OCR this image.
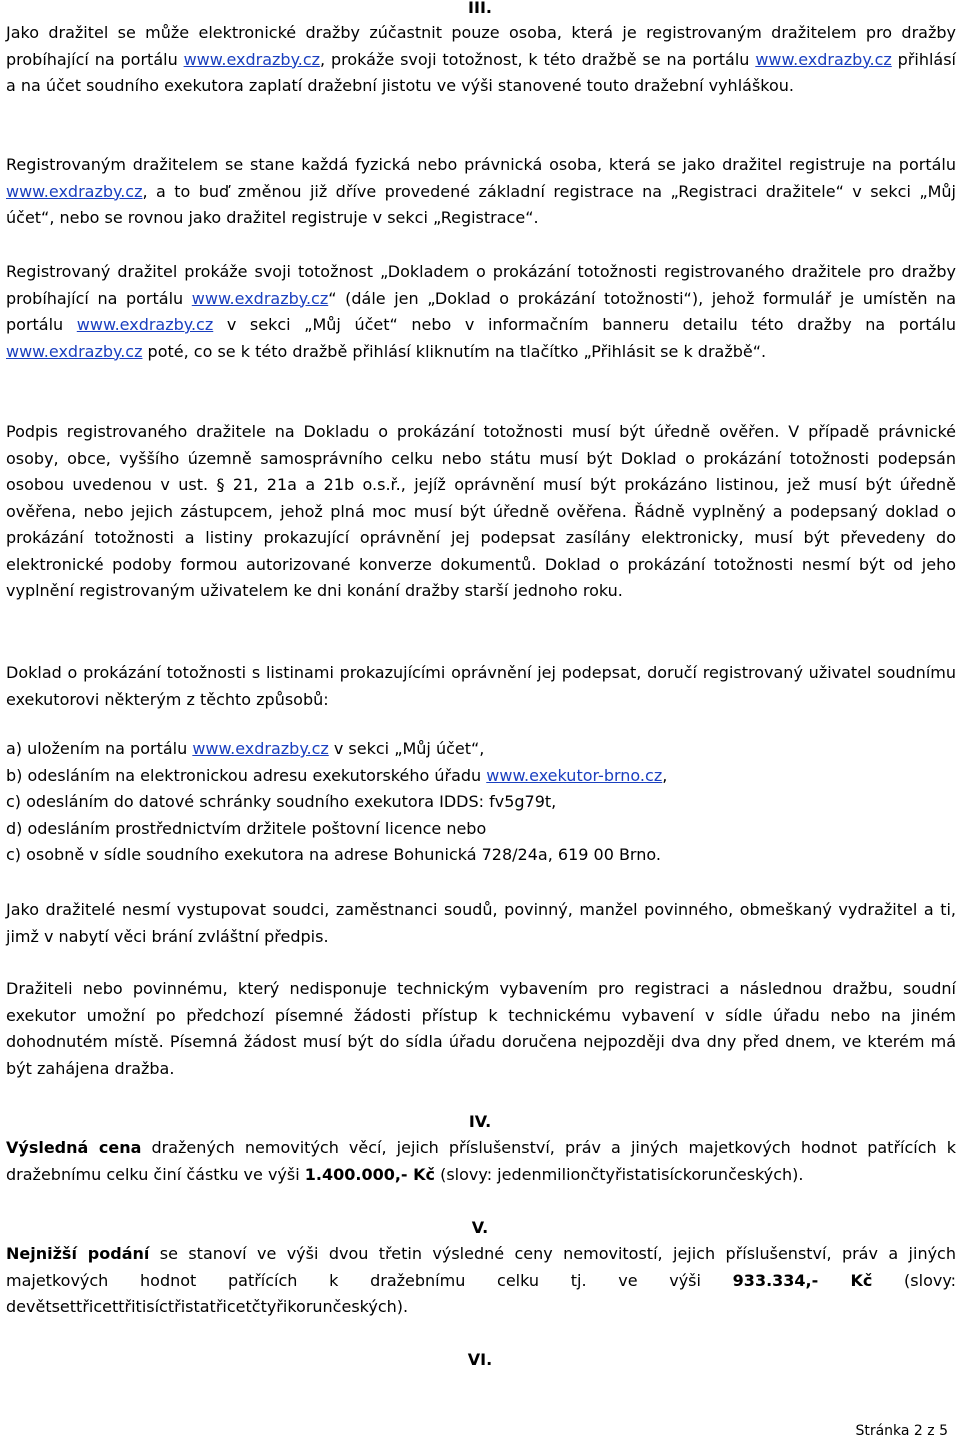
III.

Jako dražitel se může elektronické dražby zúčastnit pouze osoba, která je registrovaným dražitelem pro dražby probíhající na portálu www.exdrazby.cz, prokáže svoji totožnost, k této dražbě se na portálu www.exdrazby.cz přihlásí a na účet soudního exekutora zaplatí dražební jistotu ve výši stanovené touto dražební vyhláškou.

Registrovaným dražitelem se stane každá fyzická nebo právnická osoba, která se jako dražitel registruje na portálu www.exdrazby.cz, a to buď změnou již dříve provedené základní registrace na „Registraci dražitele“ v sekci „Můj účet“, nebo se rovnou jako dražitel registruje v sekci „Registrace“.

Registrovaný dražitel prokáže svoji totožnost „Dokladem o prokázání totožnosti registrovaného dražitele pro dražby probíhající na portálu www.exdrazby.cz“ (dále jen „Doklad o prokázání totožnosti“), jehož formulář je umístěn na portálu www.exdrazby.cz v sekci „Můj účet“ nebo v informačním banneru detailu této dražby na portálu www.exdrazby.cz poté, co se k této dražbě přihlásí kliknutím na tlačítko „Přihlásit se k dražbě“.

Podpis registrovaného dražitele na Dokladu o prokázání totožnosti musí být úředně ověřen. V případě právnické osoby, obce, vyššího územně samosprávního celku nebo státu musí být Doklad o prokázání totožnosti podepsán osobou uvedenou v ust. § 21, 21a a 21b o.s.ř., jejíž oprávnění musí být prokázáno listinou, jež musí být úředně ověřena, nebo jejich zástupcem, jehož plná moc musí být úředně ověřena. Řádně vyplněný a podepsaný doklad o prokázání totožnosti a listiny prokazující oprávnění jej podepsat zasílány elektronicky, musí být převedeny do elektronické podoby formou autorizované konverze dokumentů. Doklad o prokázání totožnosti nesmí být od jeho vyplnění registrovaným uživatelem ke dni konání dražby starší jednoho roku.

Doklad o prokázání totožnosti s listinami prokazujícími oprávnění jej podepsat, doručí registrovaný uživatel soudnímu exekutorovi některým z těchto způsobů:

a) uložením na portálu www.exdrazby.cz v sekci „Můj účet“,

b) odesláním na elektronickou adresu exekutorského úřadu www.exekutor-brno.cz,

c) odesláním do datové schránky soudního exekutora IDDS: fv5g79t,

d) odesláním prostřednictvím držitele poštovní licence nebo

c) osobně v sídle soudního exekutora na adrese Bohunická 728/24a, 619 00 Brno.

Jako dražitelé nesmí vystupovat soudci, zaměstnanci soudů, povinný, manžel povinného, obmeškaný vydražitel a ti, jimž v nabytí věci brání zvláštní předpis.

Dražiteli nebo povinnému, který nedisponuje technickým vybavením pro registraci a následnou dražbu, soudní exekutor umožní po předchozí písemné žádosti přístup k technickému vybavení v sídle úřadu nebo na jiném dohodnutém místě. Písemná žádost musí být do sídla úřadu doručena nejpozději dva dny před dnem, ve kterém má být zahájena dražba.

IV.

Výsledná cena dražených nemovitých věcí, jejich příslušenství, práv a jiných majetkových hodnot patřících k dražebnímu celku činí částku ve výši 1.400.000,- Kč (slovy: jedenmiliončtyřistatisíckorunčeských).

V.

Nejnižší podání se stanoví ve výši dvou třetin výsledné ceny nemovitostí, jejich příslušenství, práv a jiných majetkových hodnot patřících k dražebnímu celku tj. ve výši 933.334,- Kč (slovy: devětsettřicettřitisíctřistatřicetčtyřikorunčeských).

VI.
Stránka 2 z 5
